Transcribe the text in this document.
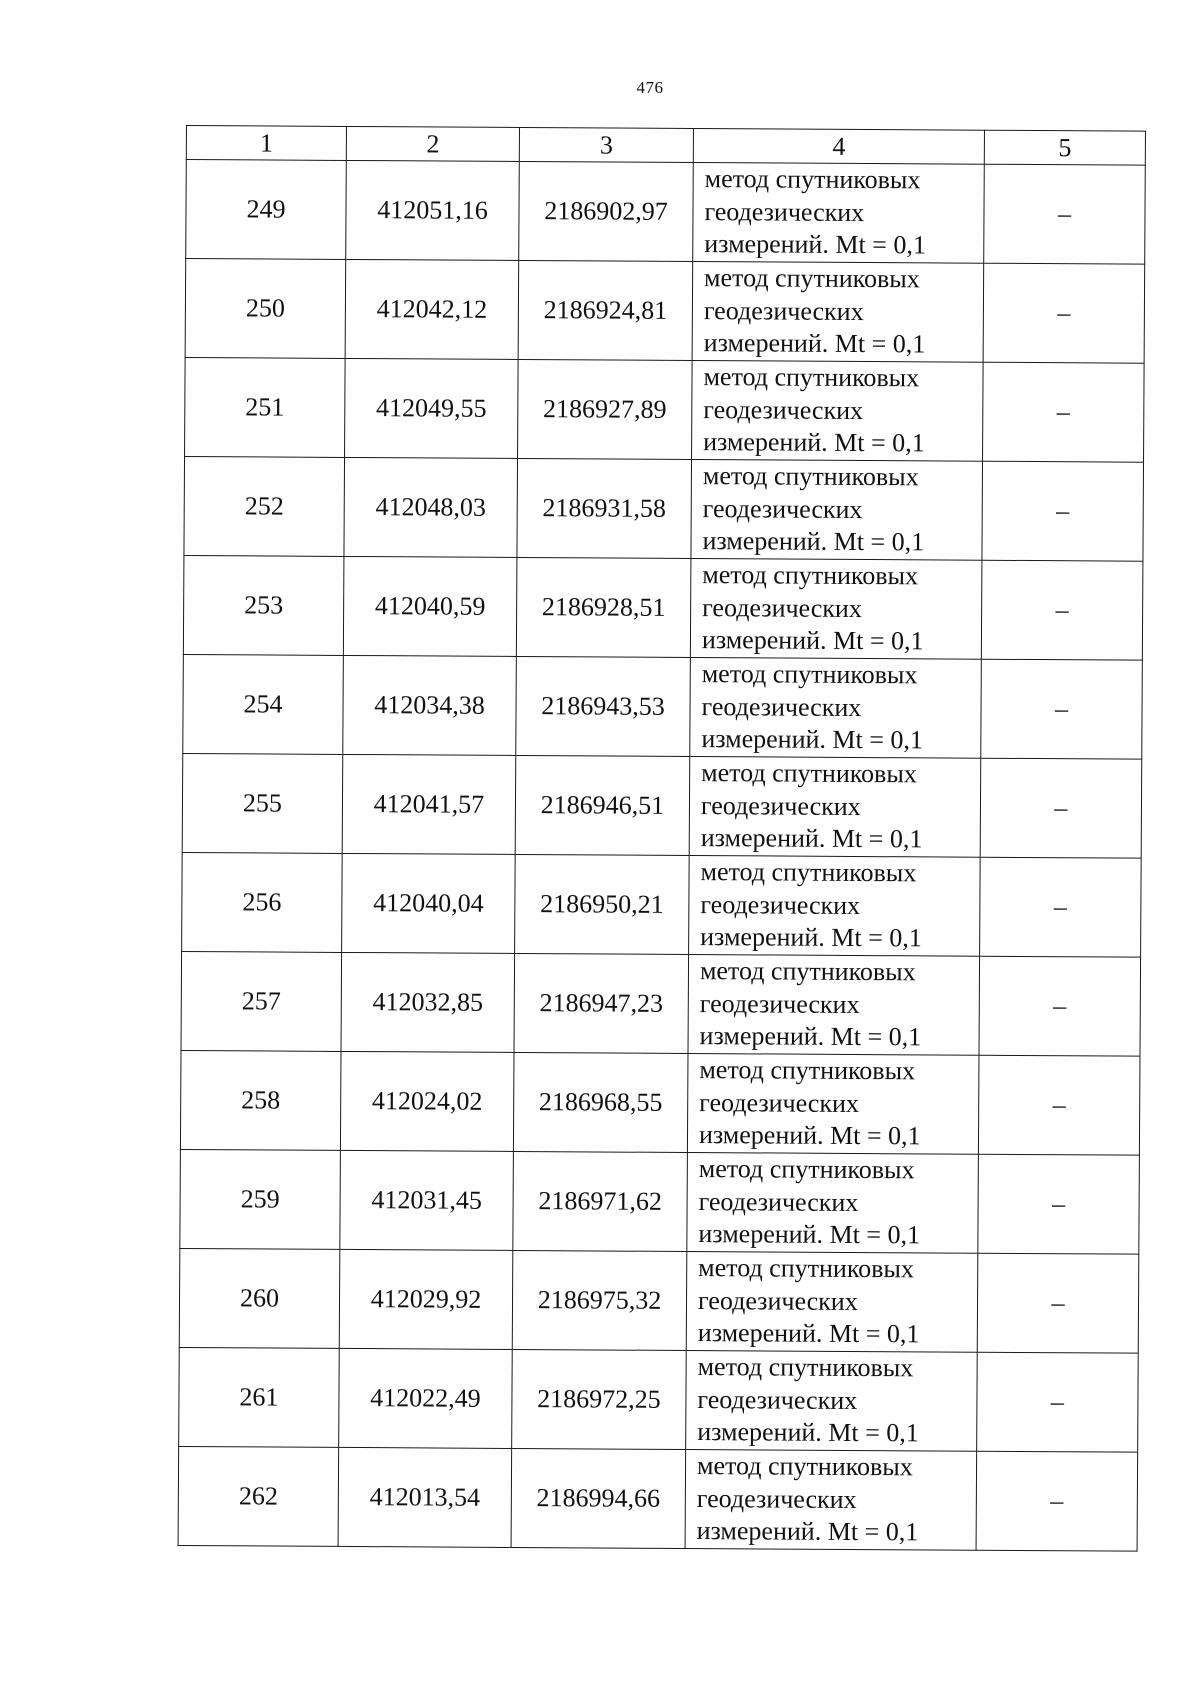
476
1	2	3	4	5
249	412051,16	2186902,97	метод спутниковых
геодезических
измерений. Mt = 0,1	–
250	412042,12	2186924,81	метод спутниковых
геодезических
измерений. Mt = 0,1	–
251	412049,55	2186927,89	метод спутниковых
геодезических
измерений. Mt = 0,1	–
252	412048,03	2186931,58	метод спутниковых
геодезических
измерений. Mt = 0,1	–
253	412040,59	2186928,51	метод спутниковых
геодезических
измерений. Mt = 0,1	–
254	412034,38	2186943,53	метод спутниковых
геодезических
измерений. Mt = 0,1	–
255	412041,57	2186946,51	метод спутниковых
геодезических
измерений. Mt = 0,1	–
256	412040,04	2186950,21	метод спутниковых
геодезических
измерений. Mt = 0,1	–
257	412032,85	2186947,23	метод спутниковых
геодезических
измерений. Mt = 0,1	–
258	412024,02	2186968,55	метод спутниковых
геодезических
измерений. Mt = 0,1	–
259	412031,45	2186971,62	метод спутниковых
геодезических
измерений. Mt = 0,1	–
260	412029,92	2186975,32	метод спутниковых
геодезических
измерений. Mt = 0,1	–
261	412022,49	2186972,25	метод спутниковых
геодезических
измерений. Mt = 0,1	–
262	412013,54	2186994,66	метод спутниковых
геодезических
измерений. Mt = 0,1	–
